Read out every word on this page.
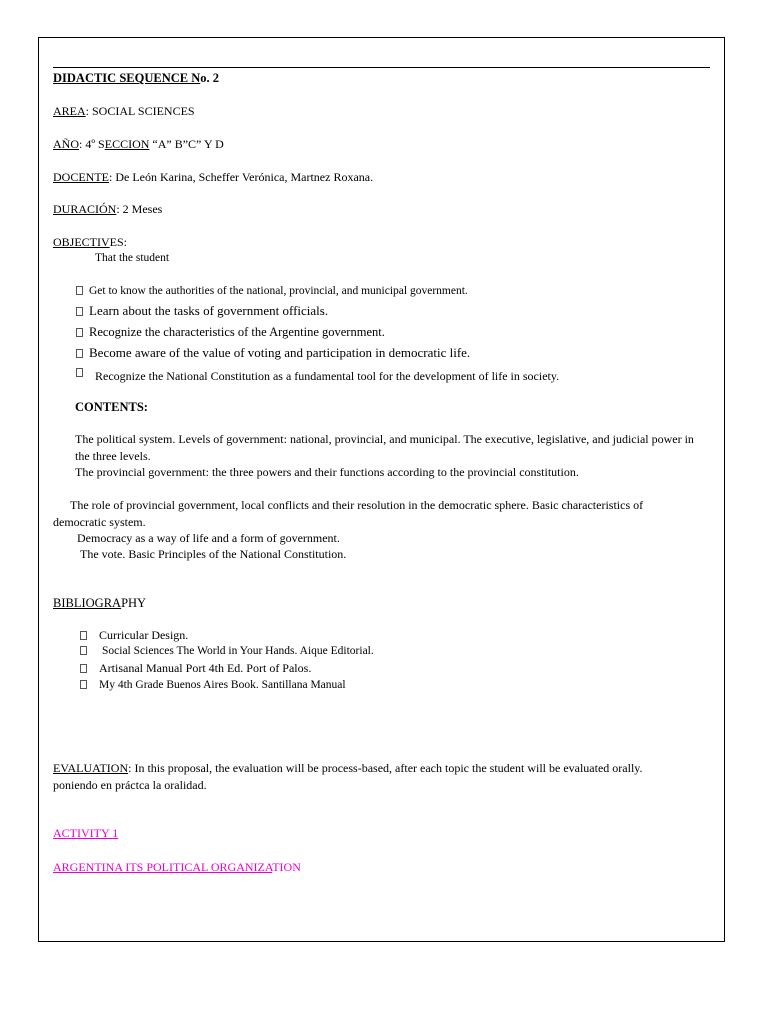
DIDACTIC SEQUENCE No. 2
AREA: SOCIAL SCIENCES
AÑO: 4º SECCION “A” B”C” Y D
DOCENTE: De León Karina, Scheffer Verónica, Martnez Roxana.
DURACIÓN: 2 Meses
OBJECTIVES:
That the student
Get to know the authorities of the national, provincial, and municipal government.
Learn about the tasks of government officials.
Recognize the characteristics of the Argentine government.
Become aware of the value of voting and participation in democratic life.
Recognize the National Constitution as a fundamental tool for the development of life in society.
CONTENTS:
The political system. Levels of government: national, provincial, and municipal. The executive, legislative, and judicial power in
the three levels.
The provincial government: the three powers and their functions according to the provincial constitution.
The role of provincial government, local conflicts and their resolution in the democratic sphere. Basic characteristics of
democratic system.
Democracy as a way of life and a form of government.
The vote. Basic Principles of the National Constitution.
BIBLIOGRAPHY
Curricular Design.
Social Sciences The World in Your Hands. Aique Editorial.
Artisanal Manual Port 4th Ed. Port of Palos.
My 4th Grade Buenos Aires Book. Santillana Manual
EVALUATION: In this proposal, the evaluation will be process-based, after each topic the student will be evaluated orally.
poniendo en práctca la oralidad.
ACTIVITY 1
ARGENTINA ITS POLITICAL ORGANIZATION
